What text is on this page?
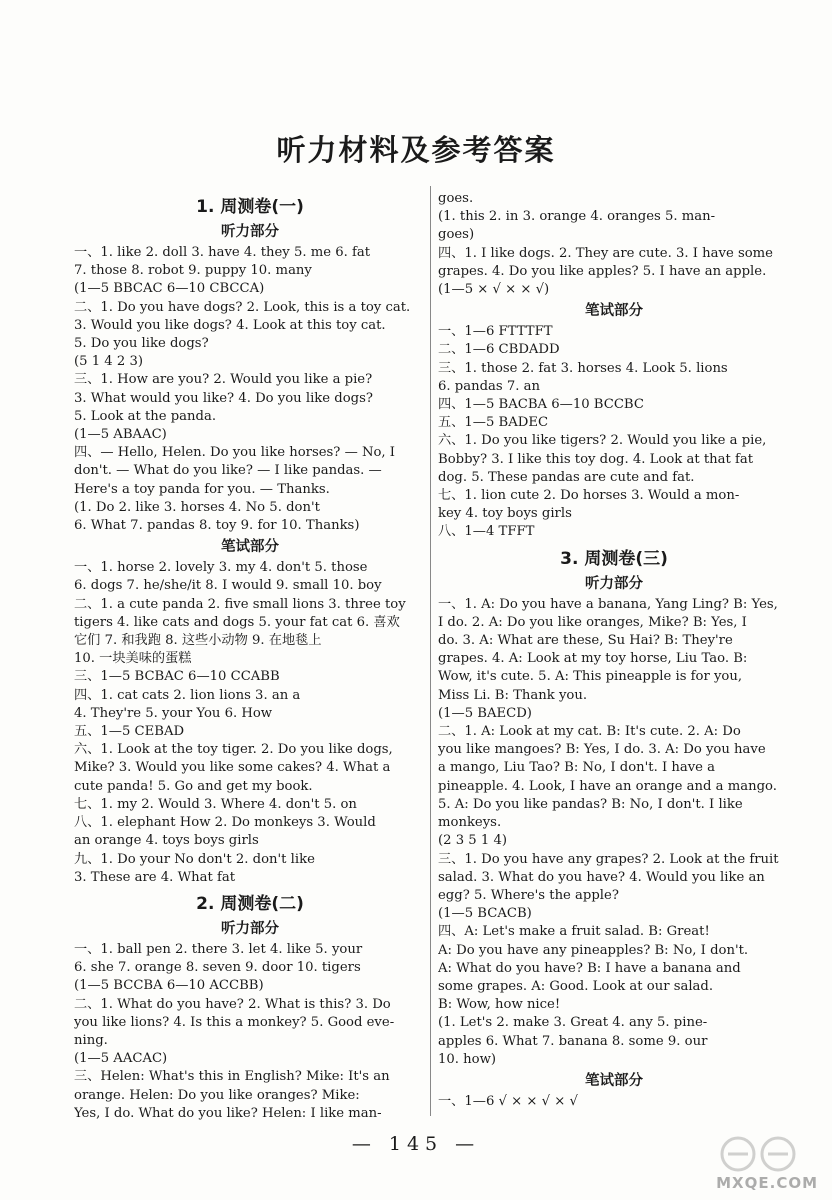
听力材料及参考答案
1. 周测卷(一)
听力部分
一、1. like 2. doll 3. have 4. they 5. me 6. fat
7. those 8. robot 9. puppy 10. many
(1—5 BBCAC 6—10 CBCCA)
二、1. Do you have dogs? 2. Look, this is a toy cat.
3. Would you like dogs? 4. Look at this toy cat.
5. Do you like dogs?
(5 1 4 2 3)
三、1. How are you? 2. Would you like a pie?
3. What would you like? 4. Do you like dogs?
5. Look at the panda.
(1—5 ABAAC)
四、— Hello, Helen. Do you like horses? — No, I
don't. — What do you like? — I like pandas. —
Here's a toy panda for you. — Thanks.
(1. Do 2. like 3. horses 4. No 5. don't
6. What 7. pandas 8. toy 9. for 10. Thanks)
笔试部分
一、1. horse 2. lovely 3. my 4. don't 5. those
6. dogs 7. he/she/it 8. I would 9. small 10. boy
二、1. a cute panda 2. five small lions 3. three toy
tigers 4. like cats and dogs 5. your fat cat 6. 喜欢
它们 7. 和我跑 8. 这些小动物 9. 在地毯上
10. 一块美味的蛋糕
三、1—5 BCBAC 6—10 CCABB
四、1. cat cats 2. lion lions 3. an a
4. They're 5. your You 6. How
五、1—5 CEBAD
六、1. Look at the toy tiger. 2. Do you like dogs,
Mike? 3. Would you like some cakes? 4. What a
cute panda! 5. Go and get my book.
七、1. my 2. Would 3. Where 4. don't 5. on
八、1. elephant How 2. Do monkeys 3. Would
an orange 4. toys boys girls
九、1. Do your No don't 2. don't like
3. These are 4. What fat
2. 周测卷(二)
听力部分
一、1. ball pen 2. there 3. let 4. like 5. your
6. she 7. orange 8. seven 9. door 10. tigers
(1—5 BCCBA 6—10 ACCBB)
二、1. What do you have? 2. What is this? 3. Do
you like lions? 4. Is this a monkey? 5. Good eve-
ning.
(1—5 AACAC)
三、Helen: What's this in English? Mike: It's an
orange. Helen: Do you like oranges? Mike:
Yes, I do. What do you like? Helen: I like man-
goes.
(1. this 2. in 3. orange 4. oranges 5. man-
goes)
四、1. I like dogs. 2. They are cute. 3. I have some
grapes. 4. Do you like apples? 5. I have an apple.
(1—5 × √ × × √)
笔试部分
一、1—6 FTTTFT
二、1—6 CBDADD
三、1. those 2. fat 3. horses 4. Look 5. lions
6. pandas 7. an
四、1—5 BACBA 6—10 BCCBC
五、1—5 BADEC
六、1. Do you like tigers? 2. Would you like a pie,
Bobby? 3. I like this toy dog. 4. Look at that fat
dog. 5. These pandas are cute and fat.
七、1. lion cute 2. Do horses 3. Would a mon-
key 4. toy boys girls
八、1—4 TFFT
3. 周测卷(三)
听力部分
一、1. A: Do you have a banana, Yang Ling? B: Yes,
I do. 2. A: Do you like oranges, Mike? B: Yes, I
do. 3. A: What are these, Su Hai? B: They're
grapes. 4. A: Look at my toy horse, Liu Tao. B:
Wow, it's cute. 5. A: This pineapple is for you,
Miss Li. B: Thank you.
(1—5 BAECD)
二、1. A: Look at my cat. B: It's cute. 2. A: Do
you like mangoes? B: Yes, I do. 3. A: Do you have
a mango, Liu Tao? B: No, I don't. I have a
pineapple. 4. Look, I have an orange and a mango.
5. A: Do you like pandas? B: No, I don't. I like
monkeys.
(2 3 5 1 4)
三、1. Do you have any grapes? 2. Look at the fruit
salad. 3. What do you have? 4. Would you like an
egg? 5. Where's the apple?
(1—5 BCACB)
四、A: Let's make a fruit salad. B: Great!
A: Do you have any pineapples? B: No, I don't.
A: What do you have? B: I have a banana and
some grapes. A: Good. Look at our salad.
B: Wow, how nice!
(1. Let's 2. make 3. Great 4. any 5. pine-
apples 6. What 7. banana 8. some 9. our
10. how)
笔试部分
一、1—6 √ × × √ × √
— 145 —
MXQE.COM
